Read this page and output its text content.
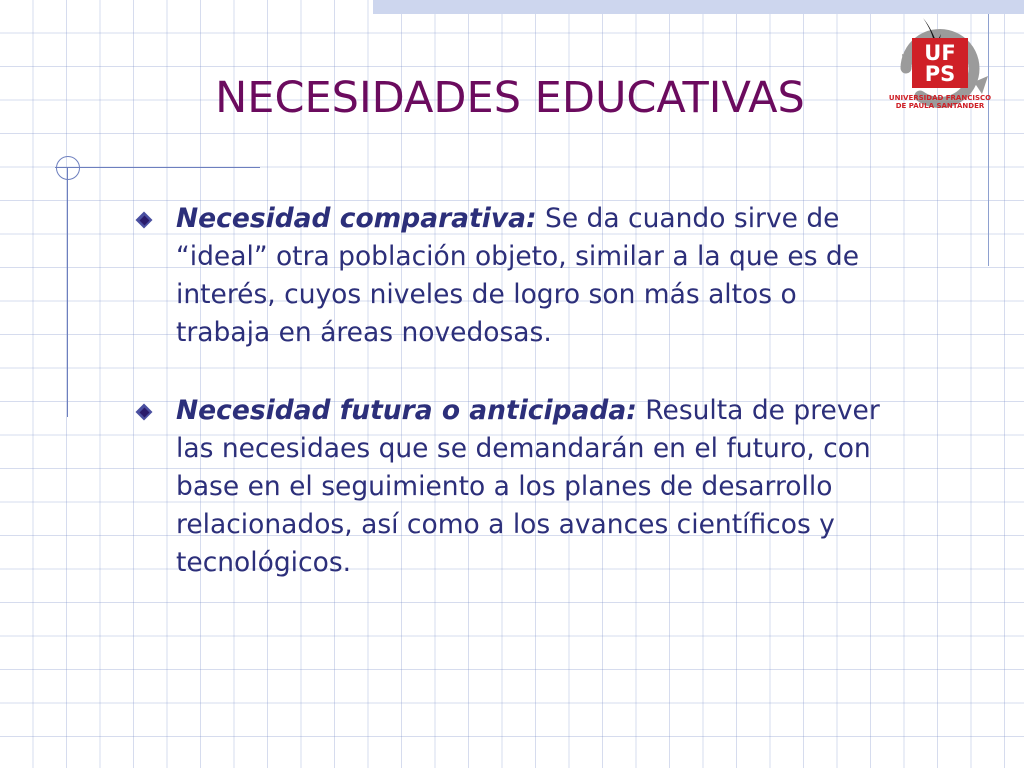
NECESIDADES EDUCATIVAS
UF
PS
UNIVERSIDAD FRANCISCO
DE PAULA SANTANDER
Necesidad comparativa: Se da cuando sirve de “ideal” otra población objeto, similar a la que es de interés, cuyos niveles de logro son más altos o trabaja en áreas novedosas.
Necesidad futura o anticipada: Resulta de prever las necesidaes que se demandarán en el futuro, con base en el seguimiento a los planes de desarrollo relacionados, así como a los avances científicos y tecnológicos.
